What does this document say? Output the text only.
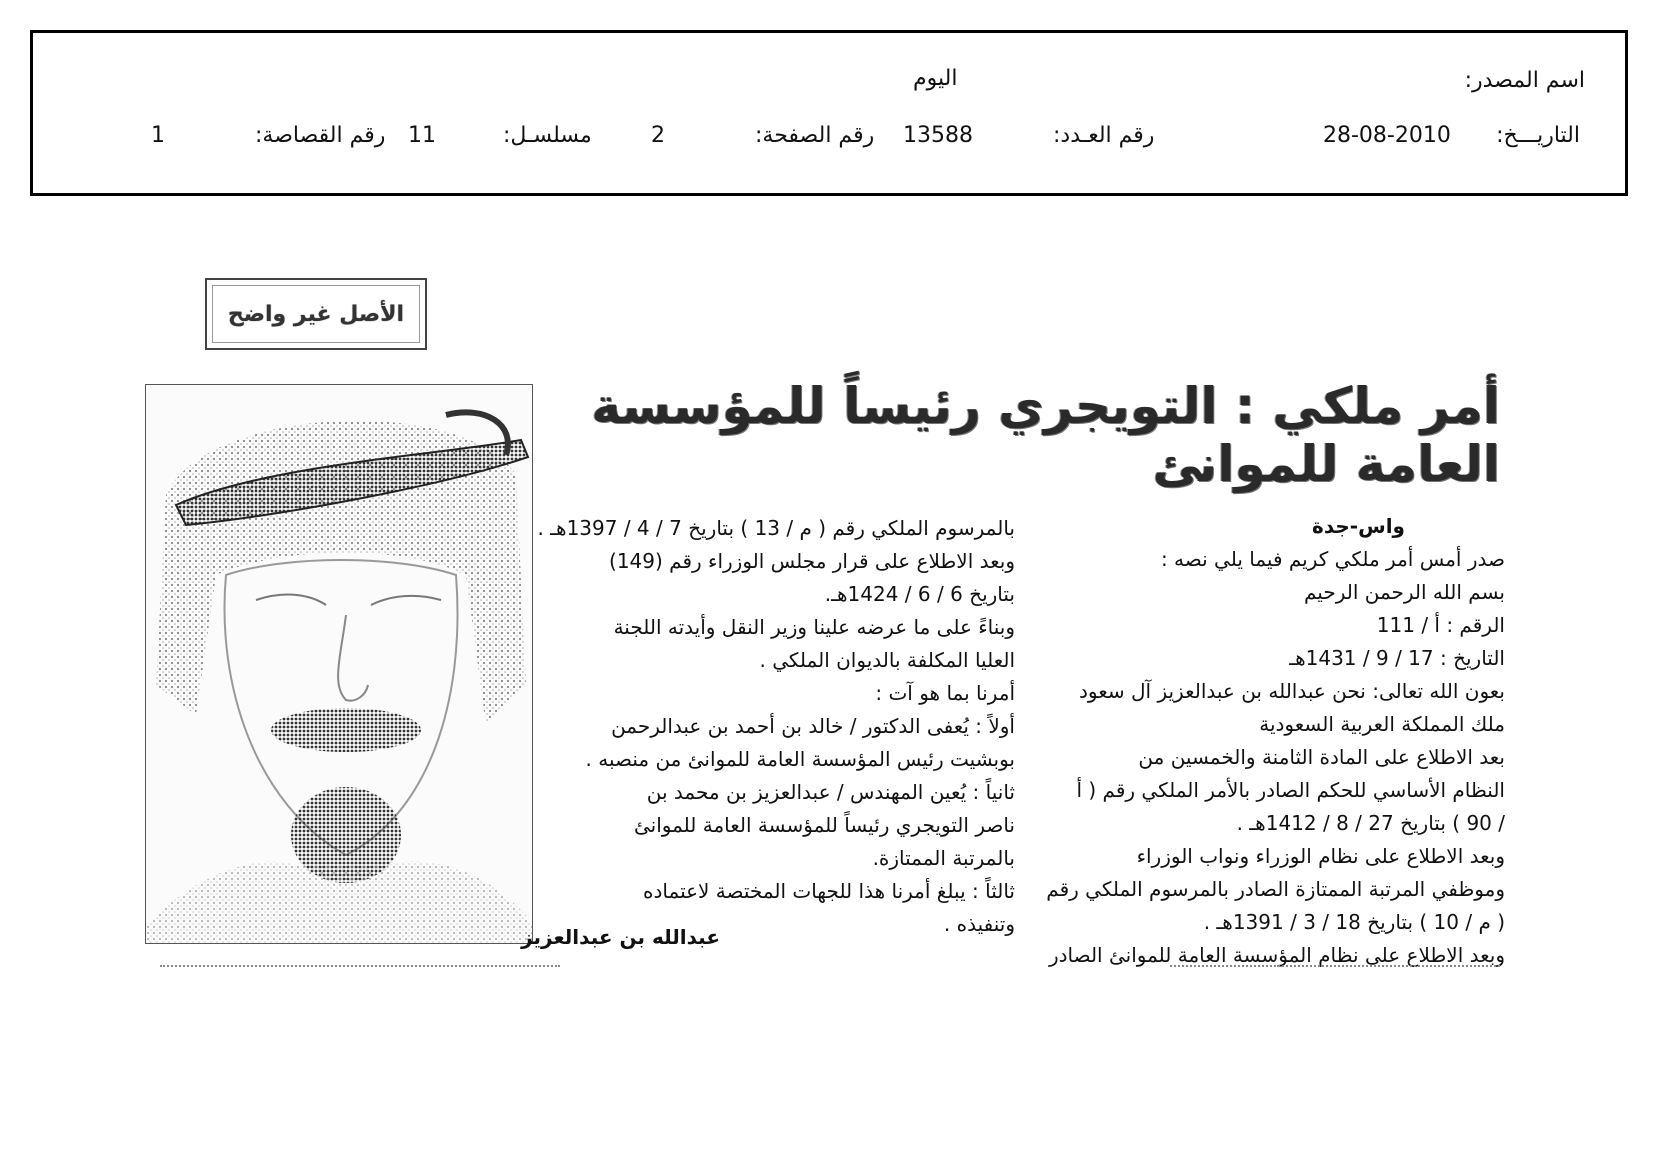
اسم المصدر:
اليوم
التاريـــخ:
28-08-2010
رقم العـدد:
13588
رقم الصفحة:
2
مسلسـل:
11
رقم القصاصة:
1
الأصل غير واضح
أمر ملكي : التويجري رئيساً للمؤسسة العامة للموانئ

واس-جدة

صدر أمس أمر ملكي كريم فيما يلي نصه :

بسم الله الرحمن الرحيم

الرقم : أ / 111

التاريخ : 17 / 9 / 1431هـ

بعون الله تعالى: نحن عبدالله بن عبدالعزيز آل سعود

ملك المملكة العربية السعودية

بعد الاطلاع على المادة الثامنة والخمسين من

النظام الأساسي للحكم الصادر بالأمر الملكي رقم ( أ

/ 90 ) بتاريخ 27 / 8 / 1412هـ .

وبعد الاطلاع على نظام الوزراء ونواب الوزراء

وموظفي المرتبة الممتازة الصادر بالمرسوم الملكي رقم

( م / 10 ) بتاريخ 18 / 3 / 1391هـ .

وبعد الاطلاع على نظام المؤسسة العامة للموانئ الصادر

بالمرسوم الملكي رقم ( م / 13 ) بتاريخ 7 / 4 / 1397هـ .

وبعد الاطلاع على قرار مجلس الوزراء رقم (149)

بتاريخ 6 / 6 / 1424هـ.

وبناءً على ما عرضه علينا وزير النقل وأيدته اللجنة

العليا المكلفة بالديوان الملكي .

أمرنا بما هو آت :

أولاً : يُعفى الدكتور / خالد بن أحمد بن عبدالرحمن

بوبشيت رئيس المؤسسة العامة للموانئ من منصبه .

ثانياً : يُعين المهندس / عبدالعزيز بن محمد بن

ناصر التويجري رئيساً للمؤسسة العامة للموانئ

بالمرتبة الممتازة.

ثالثاً : يبلغ أمرنا هذا للجهات المختصة لاعتماده

وتنفيذه .

عبدالله بن عبدالعزيز
